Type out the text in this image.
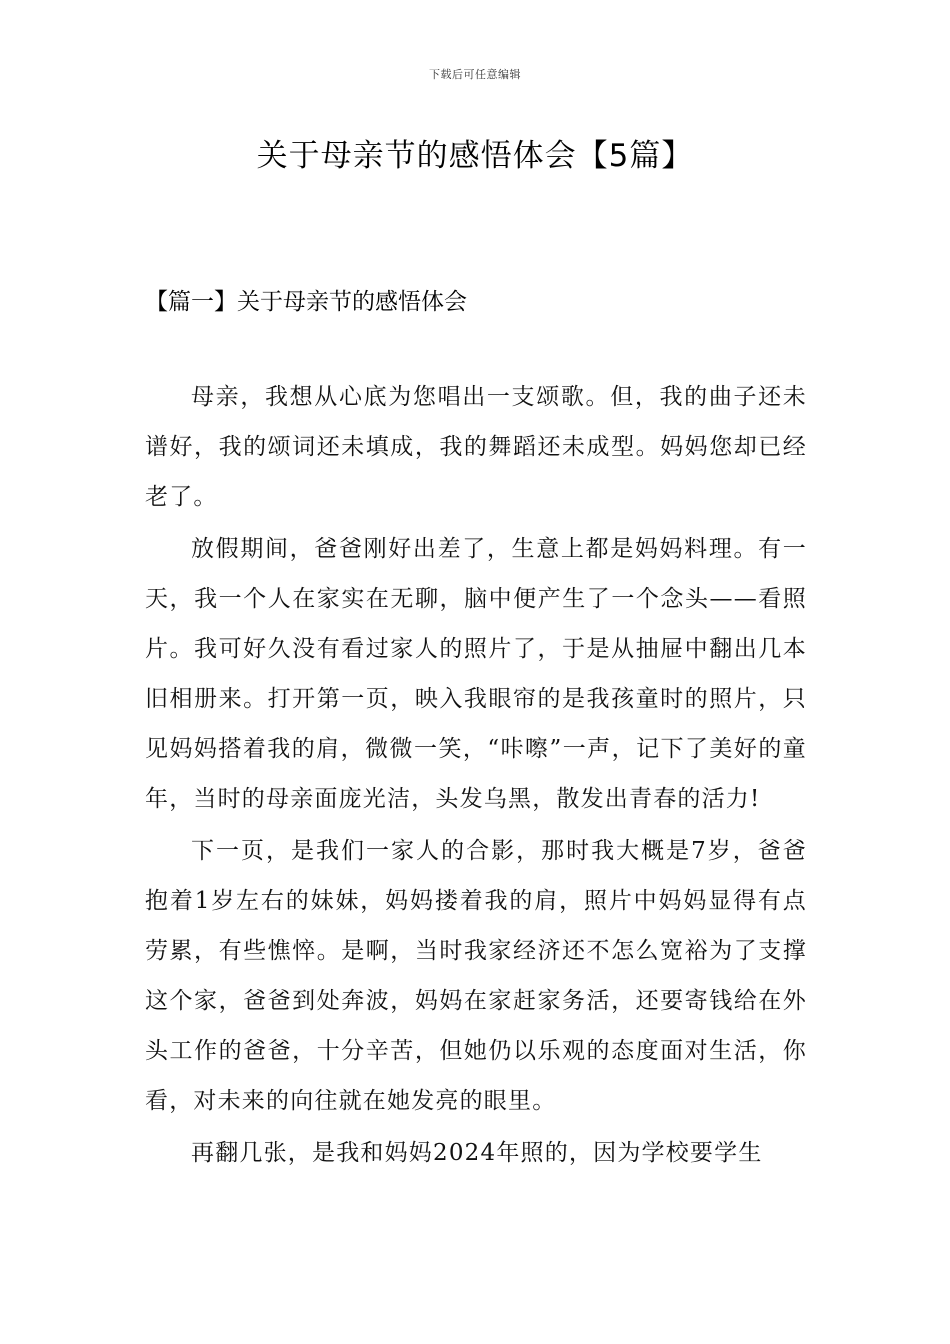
下载后可任意编辑
关于母亲节的感悟体会【5篇】
【篇一】关于母亲节的感悟体会

母亲，我想从心底为您唱出一支颂歌。但，我的曲子还未谱好，我的颂词还未填成，我的舞蹈还未成型。妈妈您却已经老了。

放假期间，爸爸刚好出差了，生意上都是妈妈料理。有一天，我一个人在家实在无聊，脑中便产生了一个念头——看照片。我可好久没有看过家人的照片了，于是从抽屉中翻出几本旧相册来。打开第一页，映入我眼帘的是我孩童时的照片，只见妈妈搭着我的肩，微微一笑，“咔嚓”一声，记下了美好的童年，当时的母亲面庞光洁，头发乌黑，散发出青春的活力!

下一页，是我们一家人的合影，那时我大概是7岁，爸爸抱着1岁左右的妹妹，妈妈搂着我的肩，照片中妈妈显得有点劳累，有些憔悴。是啊，当时我家经济还不怎么宽裕为了支撑这个家，爸爸到处奔波，妈妈在家赶家务活，还要寄钱给在外头工作的爸爸，十分辛苦，但她仍以乐观的态度面对生活，你看，对未来的向往就在她发亮的眼里。

再翻几张，是我和妈妈2024年照的，因为学校要学生
